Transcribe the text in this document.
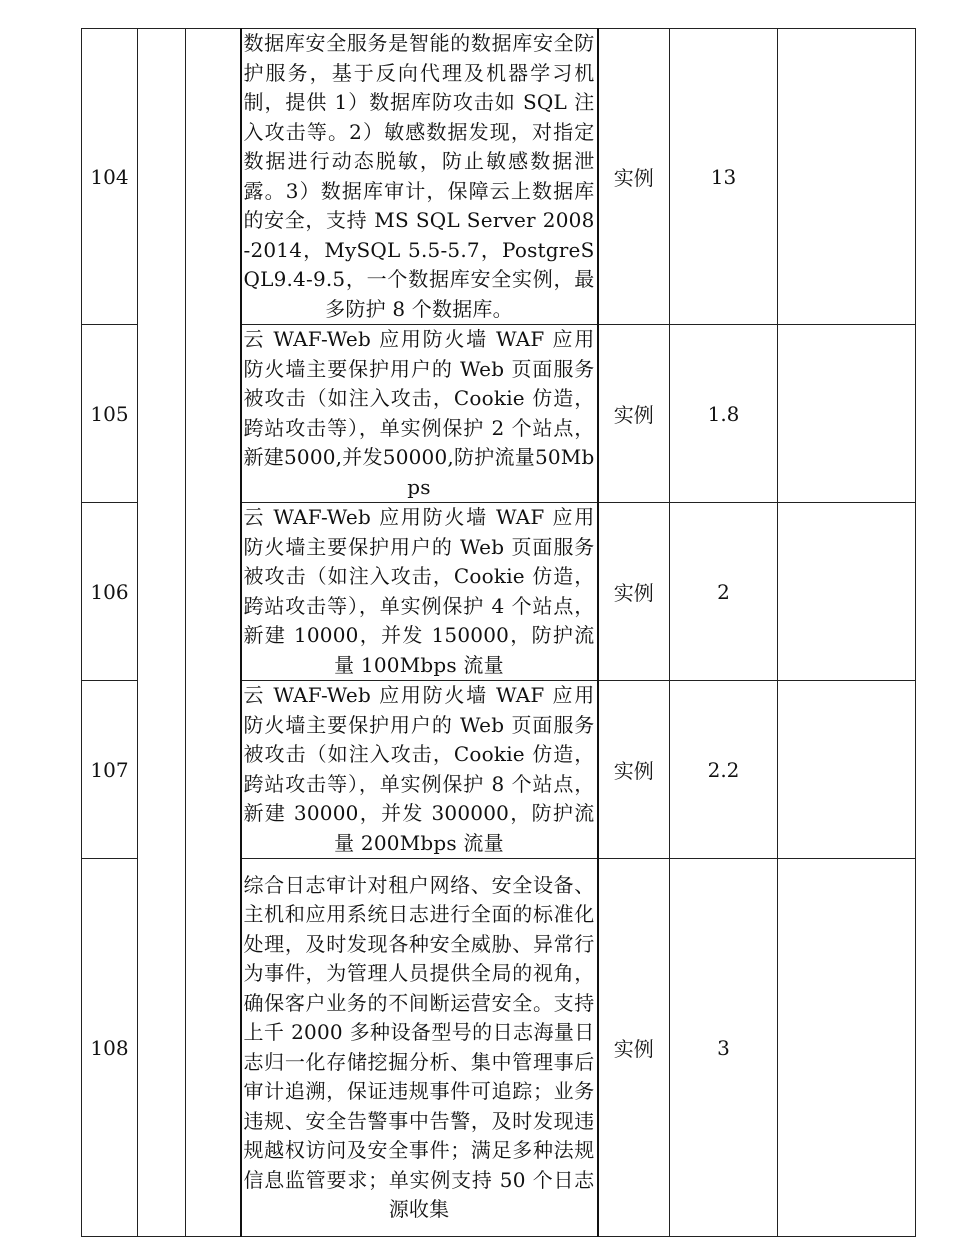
104			数据库安全服务是智能的数据库安全防护服务，基于反向代理及机器学习机制，提供 1）数据库防攻击如 SQL 注入攻击等。2）敏感数据发现，对指定数据进行动态脱敏，防止敏感数据泄露。3）数据库审计，保障云上数据库的安全，支持 MS SQL Server 2008-2014，MySQL 5.5-5.7，PostgreSQL9.4-9.5，一个数据库安全实例，最多防护 8 个数据库。	实例	13	
105			云 WAF-Web 应用防火墙 WAF 应用防火墙主要保护用户的 Web 页面服务被攻击（如注入攻击，Cookie 仿造，跨站攻击等），单实例保护 2 个站点，新建5000,并发50000,防护流量50Mbps	实例	1.8	
106			云 WAF-Web 应用防火墙 WAF 应用防火墙主要保护用户的 Web 页面服务被攻击（如注入攻击，Cookie 仿造，跨站攻击等），单实例保护 4 个站点，新建 10000，并发 150000，防护流量 100Mbps 流量	实例	2	
107			云 WAF-Web 应用防火墙 WAF 应用防火墙主要保护用户的 Web 页面服务被攻击（如注入攻击，Cookie 仿造，跨站攻击等），单实例保护 8 个站点，新建 30000，并发 300000，防护流量 200Mbps 流量	实例	2.2	
108			综合日志审计对租户网络、安全设备、主机和应用系统日志进行全面的标准化处理，及时发现各种安全威胁、异常行为事件，为管理人员提供全局的视角，确保客户业务的不间断运营安全。支持上千 2000 多种设备型号的日志海量日志归一化存储挖掘分析、集中管理事后审计追溯，保证违规事件可追踪；业务违规、安全告警事中告警，及时发现违规越权访问及安全事件；满足多种法规信息监管要求；单实例支持 50 个日志源收集	实例	3	
